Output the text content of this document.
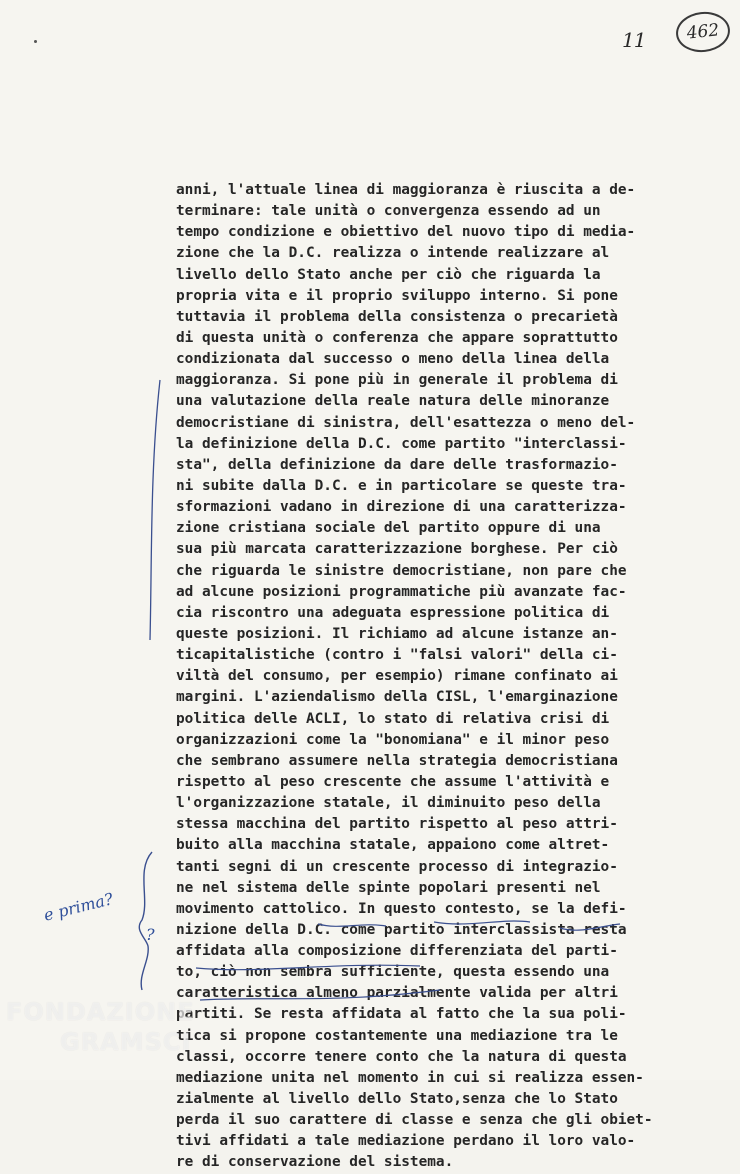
11	462
anni, l'attuale linea di maggioranza è riuscita a de-
terminare: tale unità o convergenza essendo ad un
tempo condizione e obiettivo del nuovo tipo di media-
zione che la D.C. realizza o intende realizzare al
livello dello Stato anche per ciò che riguarda la
propria vita e il proprio sviluppo interno. Si pone
tuttavia il problema della consistenza o precarietà
di questa unità o conferenza che appare soprattutto
condizionata dal successo o meno della linea della
maggioranza. Si pone più in generale il problema di
una valutazione della reale natura delle minoranze
democristiane di sinistra, dell'esattezza o meno del-
la definizione della D.C. come partito "interclassi-
sta", della definizione da dare delle trasformazio-
ni subite dalla D.C. e in particolare se queste tra-
sformazioni vadano in direzione di una caratterizza-
zione cristiana sociale del partito oppure di una
sua più marcata caratterizzazione borghese. Per ciò
che riguarda le sinistre democristiane, non pare che
ad alcune posizioni programmatiche più avanzate fac-
cia riscontro una adeguata espressione politica di
queste posizioni. Il richiamo ad alcune istanze an-
ticapitalistiche (contro i "falsi valori" della ci-
viltà del consumo, per esempio) rimane confinato ai
margini. L'aziendalismo della CISL, l'emarginazione
politica delle ACLI, lo stato di relativa crisi di
organizzazioni come la "bonomiana" e il minor peso
che sembrano assumere nella strategia democristiana
rispetto al peso crescente che assume l'attività e
l'organizzazione statale, il diminuito peso della
stessa macchina del partito rispetto al peso attri-
buito alla macchina statale, appaiono come altret-
tanti segni di un crescente processo di integrazio-
ne nel sistema delle spinte popolari presenti nel
movimento cattolico. In questo contesto, se la defi-
nizione della D.C. come partito interclassista resta
affidata alla composizione differenziata del parti-
to, ciò non sembra sufficiente, questa essendo una
caratteristica almeno parzialmente valida per altri
partiti. Se resta affidata al fatto che la sua poli-
tica si propone costantemente una mediazione tra le
classi, occorre tenere conto che la natura di questa
mediazione unita nel momento in cui si realizza essen-
zialmente al livello dello Stato,senza che lo Stato
perda il suo carattere di classe e senza che gli obiet-
tivi affidati a tale mediazione perdano il loro valo-
re di conservazione del sistema.
?
e prima?
FONDAZIONE
GRAMSCI
